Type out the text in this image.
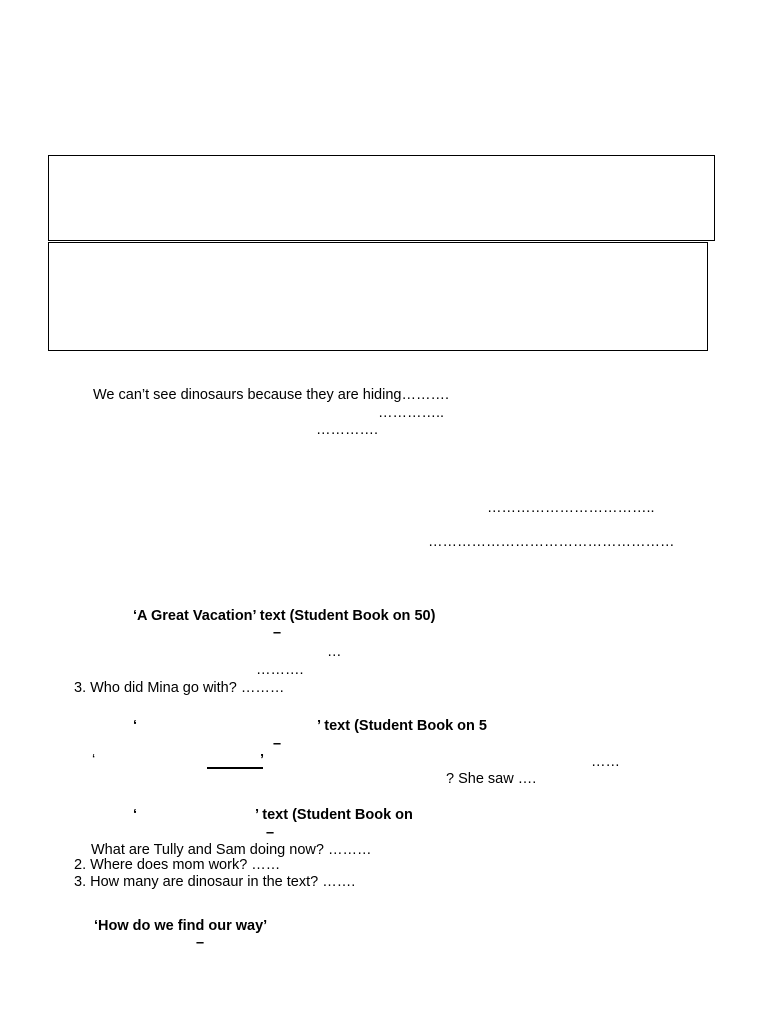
We can’t see dinosaurs because they are hiding……….
…………..
………….
……………………………..
……………………………………………
‘A Great Vacation’ text (Student Book on 50)
–
…
……….
3. Who did Mina go with? ………
‘	’ text (Student Book on 5
–
‘	’	……
? She saw ….
‘	’ text (Student Book on
–
What are Tully and Sam doing now? ………
2. Where does mom work? ……
3. How many are dinosaur in the text? …….
‘How do we find our way’
–
